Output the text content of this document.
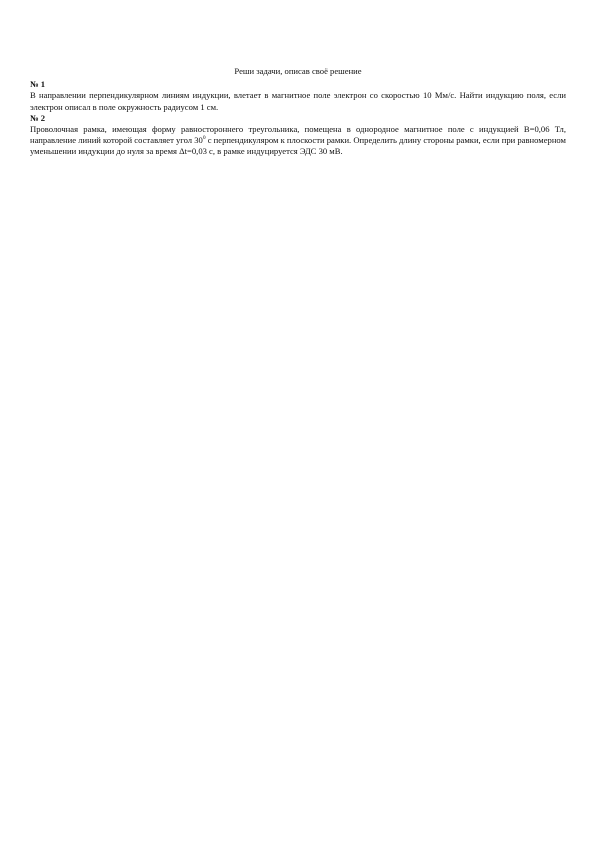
Реши задачи, описав своё решение

№ 1

В направлении перпендикулярном линиям индукции, влетает в магнитное поле электрон со скоростью 10 Мм/с. Найти индукцию поля, если электрон описал в поле окружность радиусом 1 см.

№ 2

Проволочная рамка, имеющая форму равностороннего треугольника, помещена в однородное магнитное поле с индукцией В=0,06 Тл, направление линий которой составляет угол $30^0$ с перпендикуляром к плоскости рамки. Определить длину стороны рамки, если при равномерном уменьшении индукции до нуля за время Δt=0,03 с, в рамке индуцируется ЭДС 30 мВ.
